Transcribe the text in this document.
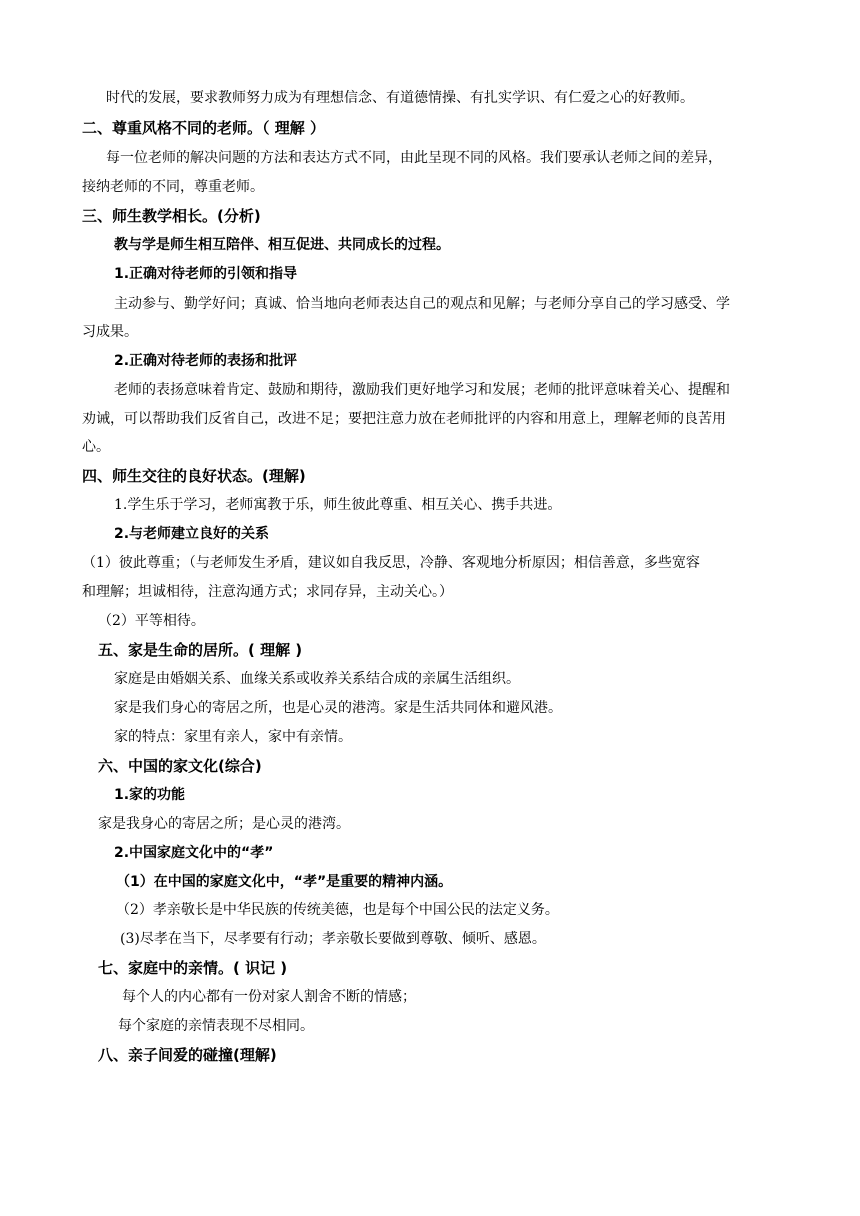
时代的发展，要求教师努力成为有理想信念、有道德情操、有扎实学识、有仁爱之心的好教师。
二、尊重风格不同的老师。（ 理解 ）
每一位老师的解决问题的方法和表达方式不同，由此呈现不同的风格。我们要承认老师之间的差异，
接纳老师的不同，尊重老师。
三、师生教学相长。(分析)
教与学是师生相互陪伴、相互促进、共同成长的过程。
1.正确对待老师的引领和指导
主动参与、勤学好问；真诚、恰当地向老师表达自己的观点和见解；与老师分享自己的学习感受、学
习成果。
2.正确对待老师的表扬和批评
老师的表扬意味着肯定、鼓励和期待，激励我们更好地学习和发展；老师的批评意味着关心、提醒和
劝诫，可以帮助我们反省自己，改进不足；要把注意力放在老师批评的内容和用意上，理解老师的良苦用
心。
四、师生交往的良好状态。(理解)
1.学生乐于学习，老师寓教于乐，师生彼此尊重、相互关心、携手共进。
2.与老师建立良好的关系
（1）彼此尊重；（与老师发生矛盾，建议如自我反思，冷静、客观地分析原因；相信善意，多些宽容
和理解；坦诚相待，注意沟通方式；求同存异，主动关心。）
（2）平等相待。
五、家是生命的居所。( 理解 )
家庭是由婚姻关系、血缘关系或收养关系结合成的亲属生活组织。
家是我们身心的寄居之所，也是心灵的港湾。家是生活共同体和避风港。
家的特点：家里有亲人，家中有亲情。
六、中国的家文化(综合)
1.家的功能
家是我身心的寄居之所；是心灵的港湾。
2.中国家庭文化中的“孝”
（1）在中国的家庭文化中，“孝”是重要的精神内涵。
（2）孝亲敬长是中华民族的传统美德，也是每个中国公民的法定义务。
(3)尽孝在当下，尽孝要有行动；孝亲敬长要做到尊敬、倾听、感恩。
七、家庭中的亲情。( 识记 )
每个人的内心都有一份对家人割舍不断的情感；
每个家庭的亲情表现不尽相同。
八、亲子间爱的碰撞(理解)
